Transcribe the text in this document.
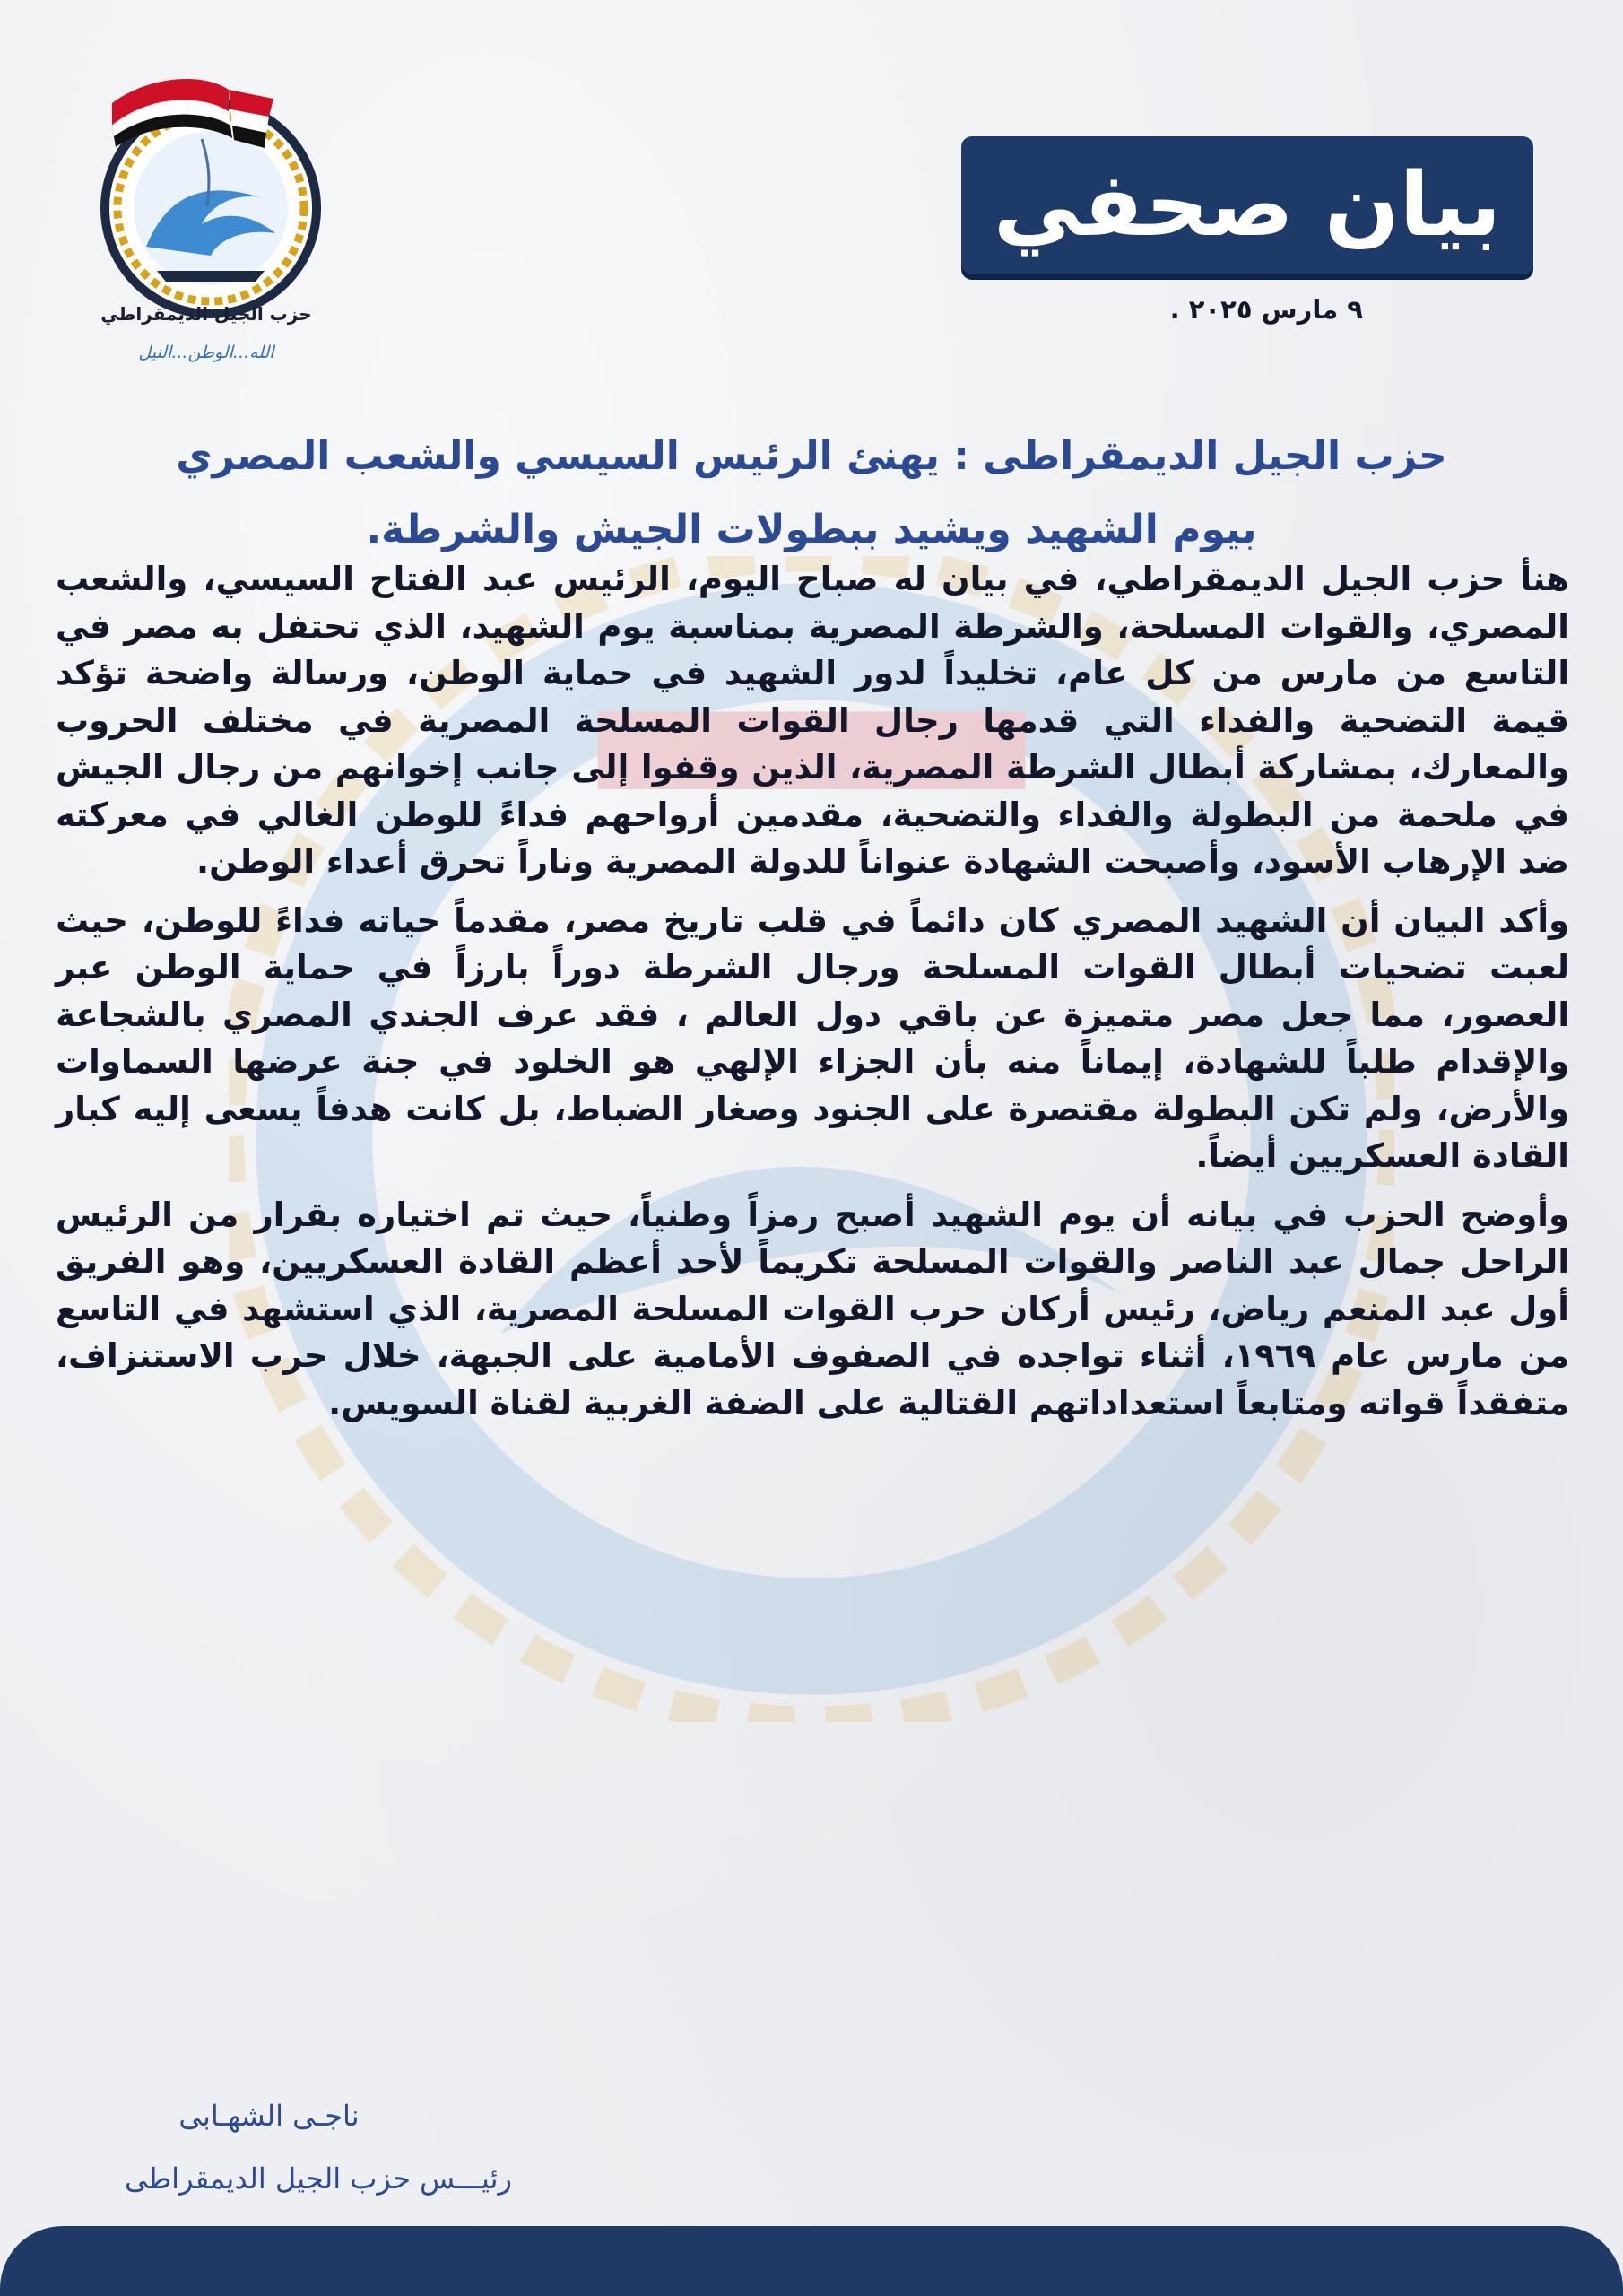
حزب الجيل الديمقراطي
الله...الوطن...النيل
بيان صحفي
٩ مارس ٢٠٢٥ .
حزب الجيل الديمقراطى : يهنئ الرئيس السيسي والشعب المصري
بيوم الشهيد ويشيد ببطولات الجيش والشرطة.

هنأ حزب الجيل الديمقراطي، في بيان له صباح اليوم، الرئيس عبد الفتاح السيسي، والشعب المصري، والقوات المسلحة، والشرطة المصرية بمناسبة يوم الشهيد، الذي تحتفل به مصر في التاسع من مارس من كل عام، تخليداً لدور الشهيد في حماية الوطن، ورسالة واضحة تؤكد قيمة التضحية والفداء التي قدمها رجال القوات المسلحة المصرية في مختلف الحروب والمعارك، بمشاركة أبطال الشرطة المصرية، الذين وقفوا إلى جانب إخوانهم من رجال الجيش في ملحمة من البطولة والفداء والتضحية، مقدمين أرواحهم فداءً للوطن الغالي في معركته ضد الإرهاب الأسود، وأصبحت الشهادة عنواناً للدولة المصرية وناراً تحرق أعداء الوطن.

وأكد البيان أن الشهيد المصري كان دائماً في قلب تاريخ مصر، مقدماً حياته فداءً للوطن، حيث لعبت تضحيات أبطال القوات المسلحة ورجال الشرطة دوراً بارزاً في حماية الوطن عبر العصور، مما جعل مصر متميزة عن باقي دول العالم ، فقد عرف الجندي المصري بالشجاعة والإقدام طلباً للشهادة، إيماناً منه بأن الجزاء الإلهي هو الخلود في جنة عرضها السماوات والأرض، ولم تكن البطولة مقتصرة على الجنود وصغار الضباط، بل كانت هدفاً يسعى إليه كبار القادة العسكريين أيضاً.

وأوضح الحزب في بيانه أن يوم الشهيد أصبح رمزاً وطنياً، حيث تم اختياره بقرار من الرئيس الراحل جمال عبد الناصر والقوات المسلحة تكريماً لأحد أعظم القادة العسكريين، وهو الفريق أول عبد المنعم رياض، رئيس أركان حرب القوات المسلحة المصرية، الذي استشهد في التاسع من مارس عام ١٩٦٩، أثناء تواجده في الصفوف الأمامية على الجبهة، خلال حرب الاستنزاف، متفقداً قواته ومتابعاً استعداداتهم القتالية على الضفة الغربية لقناة السويس.

ناجـى الشهـابى
رئيـــس حزب الجيل الديمقراطى
